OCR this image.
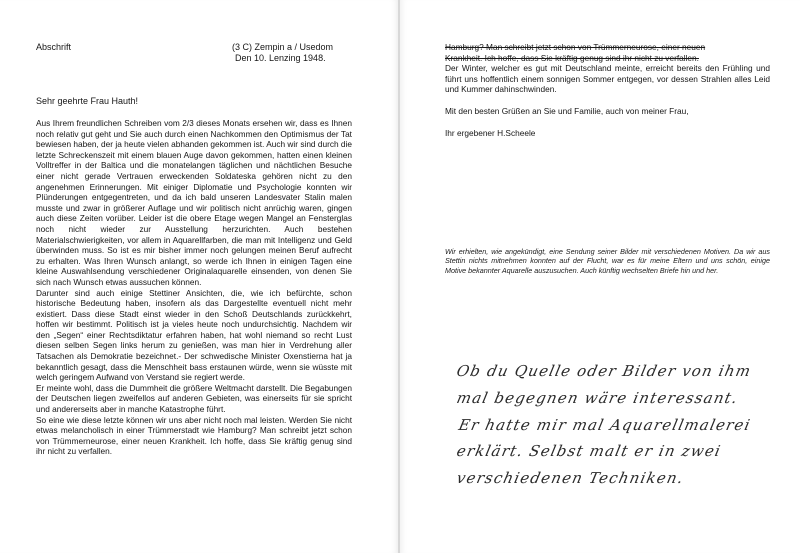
Abschrift	(3 C) Zempin a / Usedom
Den 10. Lenzing 1948.
Sehr geehrte Frau Hauth!

Aus Ihrem freundlichen Schreiben vom 2/3 dieses Monats ersehen wir, dass es Ihnen noch relativ gut geht und Sie auch durch einen Nachkommen den Optimismus der Tat bewiesen haben, der ja heute vielen abhanden gekommen ist. Auch wir sind durch die letzte Schreckenszeit mit einem blauen Auge davon gekommen, hatten einen kleinen Volltreffer in der Baltica und die monatelangen täglichen und nächtlichen Besuche einer nicht gerade Vertrauen erweckenden Soldateska gehören nicht zu den angenehmen Erinnerungen. Mit einiger Diplomatie und Psychologie konnten wir Plünderungen entgegentreten, und da ich bald unseren Landesvater Stalin malen musste und zwar in größerer Auflage und wir politisch nicht anrüchig waren, gingen auch diese Zeiten vorüber. Leider ist die obere Etage wegen Mangel an Fensterglas noch nicht wieder zur Ausstellung herzurichten. Auch bestehen Materialschwierigkeiten, vor allem in Aquarellfarben, die man mit Intelligenz und Geld überwinden muss. So ist es mir bisher immer noch gelungen meinen Beruf aufrecht zu erhalten. Was Ihren Wunsch anlangt, so werde ich Ihnen in einigen Tagen eine kleine Auswahlsendung verschiedener Originalaquarelle einsenden, von denen Sie sich nach Wunsch etwas aussuchen können.

Darunter sind auch einige Stettiner Ansichten, die, wie ich befürchte, schon historische Bedeutung haben, insofern als das Dargestellte eventuell nicht mehr existiert. Dass diese Stadt einst wieder in den Schoß Deutschlands zurückkehrt, hoffen wir bestimmt. Politisch ist ja vieles heute noch undurchsichtig. Nachdem wir den „Segen“ einer Rechtsdiktatur erfahren haben, hat wohl niemand so recht Lust diesen selben Segen links herum zu genießen, was man hier in Verdrehung aller Tatsachen als Demokratie bezeichnet.- Der schwedische Minister Oxenstierna hat ja bekanntlich gesagt, dass die Menschheit bass erstaunen würde, wenn sie wüsste mit welch geringem Aufwand von Verstand sie regiert werde.

Er meinte wohl, dass die Dummheit die größere Weltmacht darstellt. Die Begabungen der Deutschen liegen zweifellos auf anderen Gebieten, was einerseits für sie spricht und andererseits aber in manche Katastrophe führt.

So eine wie diese letzte können wir uns aber nicht noch mal leisten. Werden Sie nicht etwas melancholisch in einer Trümmerstadt wie Hamburg? Man schreibt jetzt schon von Trümmerneurose, einer neuen Krankheit. Ich hoffe, dass Sie kräftig genug sind ihr nicht zu verfallen.

Hamburg? Man schreibt jetzt schon von Trümmerneurose, einer neuen
Krankheit. Ich hoffe, dass Sie kräftig genug sind ihr nicht zu verfallen.
Der Winter, welcher es gut mit Deutschland meinte, erreicht bereits den Frühling und führt uns hoffentlich einem sonnigen Sommer entgegen, vor dessen Strahlen alles Leid und Kummer dahinschwinden.
Mit den besten Grüßen an Sie und Familie, auch von meiner Frau,
Ihr ergebener H.Scheele
Wir erhielten, wie angekündigt, eine Sendung seiner Bilder mit verschiedenen Motiven. Da wir aus Stettin nichts mitnehmen konnten auf der Flucht, war es für meine Eltern und uns schön, einige Motive bekannter Aquarelle auszusuchen. Auch künftig wechselten Briefe hin und her.
Ob du Quelle oder Bilder von ihm
mal begegnen wäre interessant.
Er hatte mir mal Aquarellmalerei
erklärt. Selbst malt er in zwei
verschiedenen Techniken.
